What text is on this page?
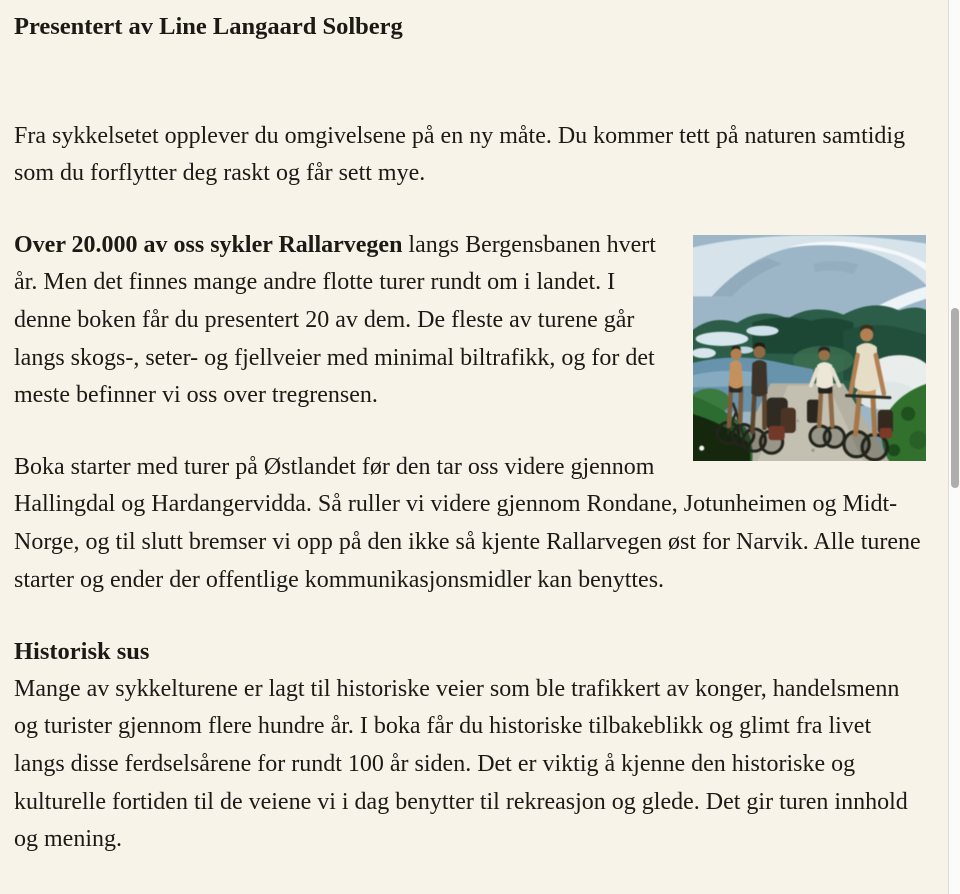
Presentert av Line Langaard Solberg

Fra sykkelsetet opplever du omgivelsene på en ny måte. Du kommer tett på naturen samtidig som du forflytter deg raskt og får sett mye.

Over 20.000 av oss sykler Rallarvegen langs Bergensbanen hvert år. Men det finnes mange andre flotte turer rundt om i landet. I denne boken får du presentert 20 av dem. De fleste av turene går langs skogs-, seter- og fjellveier med minimal biltrafikk, og for det meste befinner vi oss over tregrensen.

Boka starter med turer på Østlandet før den tar oss videre gjennom Hallingdal og Hardangervidda. Så ruller vi videre gjennom Rondane, Jotunheimen og Midt-Norge, og til slutt bremser vi opp på den ikke så kjente Rallarvegen øst for Narvik. Alle turene starter og ender der offentlige kommunikasjonsmidler kan benyttes.

Historisk sus

Mange av sykkelturene er lagt til historiske veier som ble trafikkert av konger, handelsmenn og turister gjennom flere hundre år. I boka får du historiske tilbakeblikk og glimt fra livet langs disse ferdselsårene for rundt 100 år siden. Det er viktig å kjenne den historiske og kulturelle fortiden til de veiene vi i dag benytter til rekreasjon og glede. Det gir turen innhold og mening.
